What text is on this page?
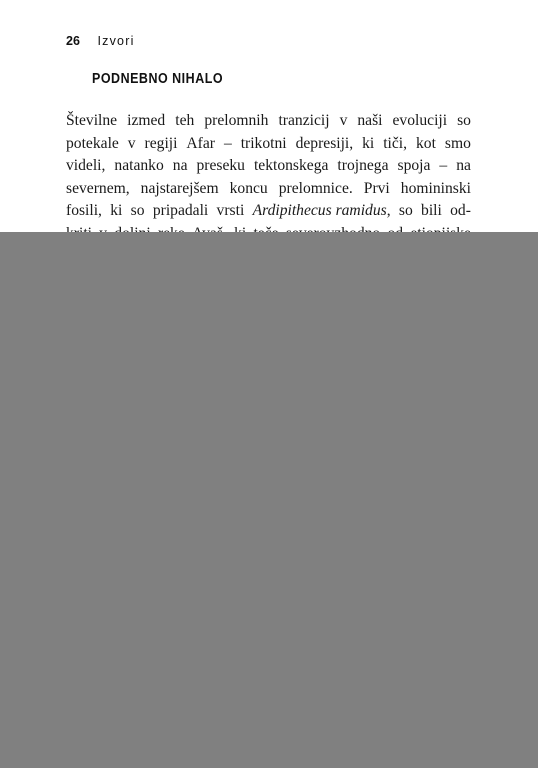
26 Izvori
PODNEBNO NIHALO
Številne izmed teh prelomnih tranzicij v naši evoluciji so
potekale v regiji Afar – trikotni depresiji, ki tiči, kot smo
videli, natanko na preseku tektonskega trojnega spoja – na
severnem, najstarejšem koncu prelomnice. Prvi homininski
fosili, ki so pripadali vrsti Ardipithecus ramidus, so bili od-
